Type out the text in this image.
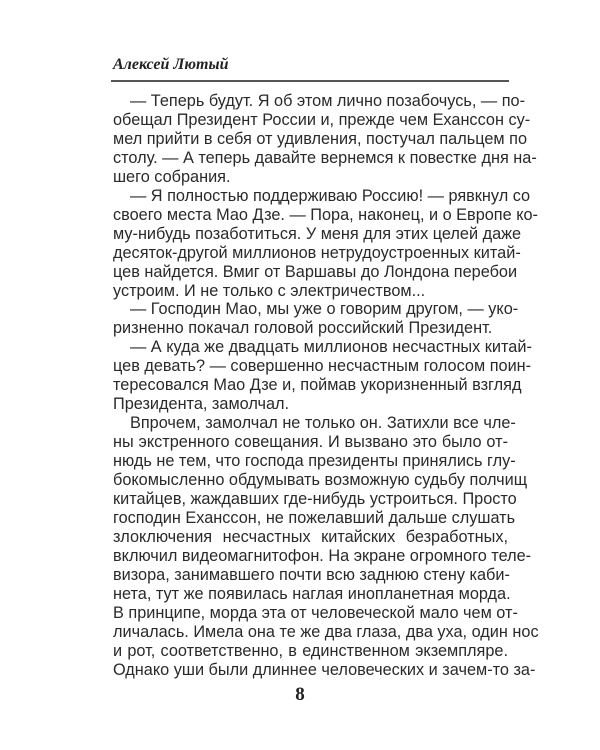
Алексей Лютый
— Теперь будут. Я об этом лично позабочусь, — по-
обещал Президент России и, прежде чем Еханссон су-
мел прийти в себя от удивления, постучал пальцем по
столу. — А теперь давайте вернемся к повестке дня на-
шего собрания.
— Я полностью поддерживаю Россию! — рявкнул со
своего места Мао Дзе. — Пора, наконец, и о Европе ко-
му-нибудь позаботиться. У меня для этих целей даже
десяток-другой миллионов нетрудоустроенных китай-
цев найдется. Вмиг от Варшавы до Лондона перебои
устроим. И не только с электричеством...
— Господин Мао, мы уже о говорим другом, — уко-
ризненно покачал головой российский Президент.
— А куда же двадцать миллионов несчастных китай-
цев девать? — совершенно несчастным голосом поин-
тересовался Мао Дзе и, поймав укоризненный взгляд
Президента, замолчал.
Впрочем, замолчал не только он. Затихли все чле-
ны экстренного совещания. И вызвано это было от-
нюдь не тем, что господа президенты принялись глу-
бокомысленно обдумывать возможную судьбу полчищ
китайцев, жаждавших где-нибудь устроиться. Просто
господин Еханссон, не пожелавший дальше слушать
злоключения несчастных китайских безработных,
включил видеомагнитофон. На экране огромного теле-
визора, занимавшего почти всю заднюю стену каби-
нета, тут же появилась наглая инопланетная морда.
В принципе, морда эта от человеческой мало чем от-
личалась. Имела она те же два глаза, два уха, один нос
и рот, соответственно, в единственном экземпляре.
Однако уши были длиннее человеческих и зачем-то за-
8
